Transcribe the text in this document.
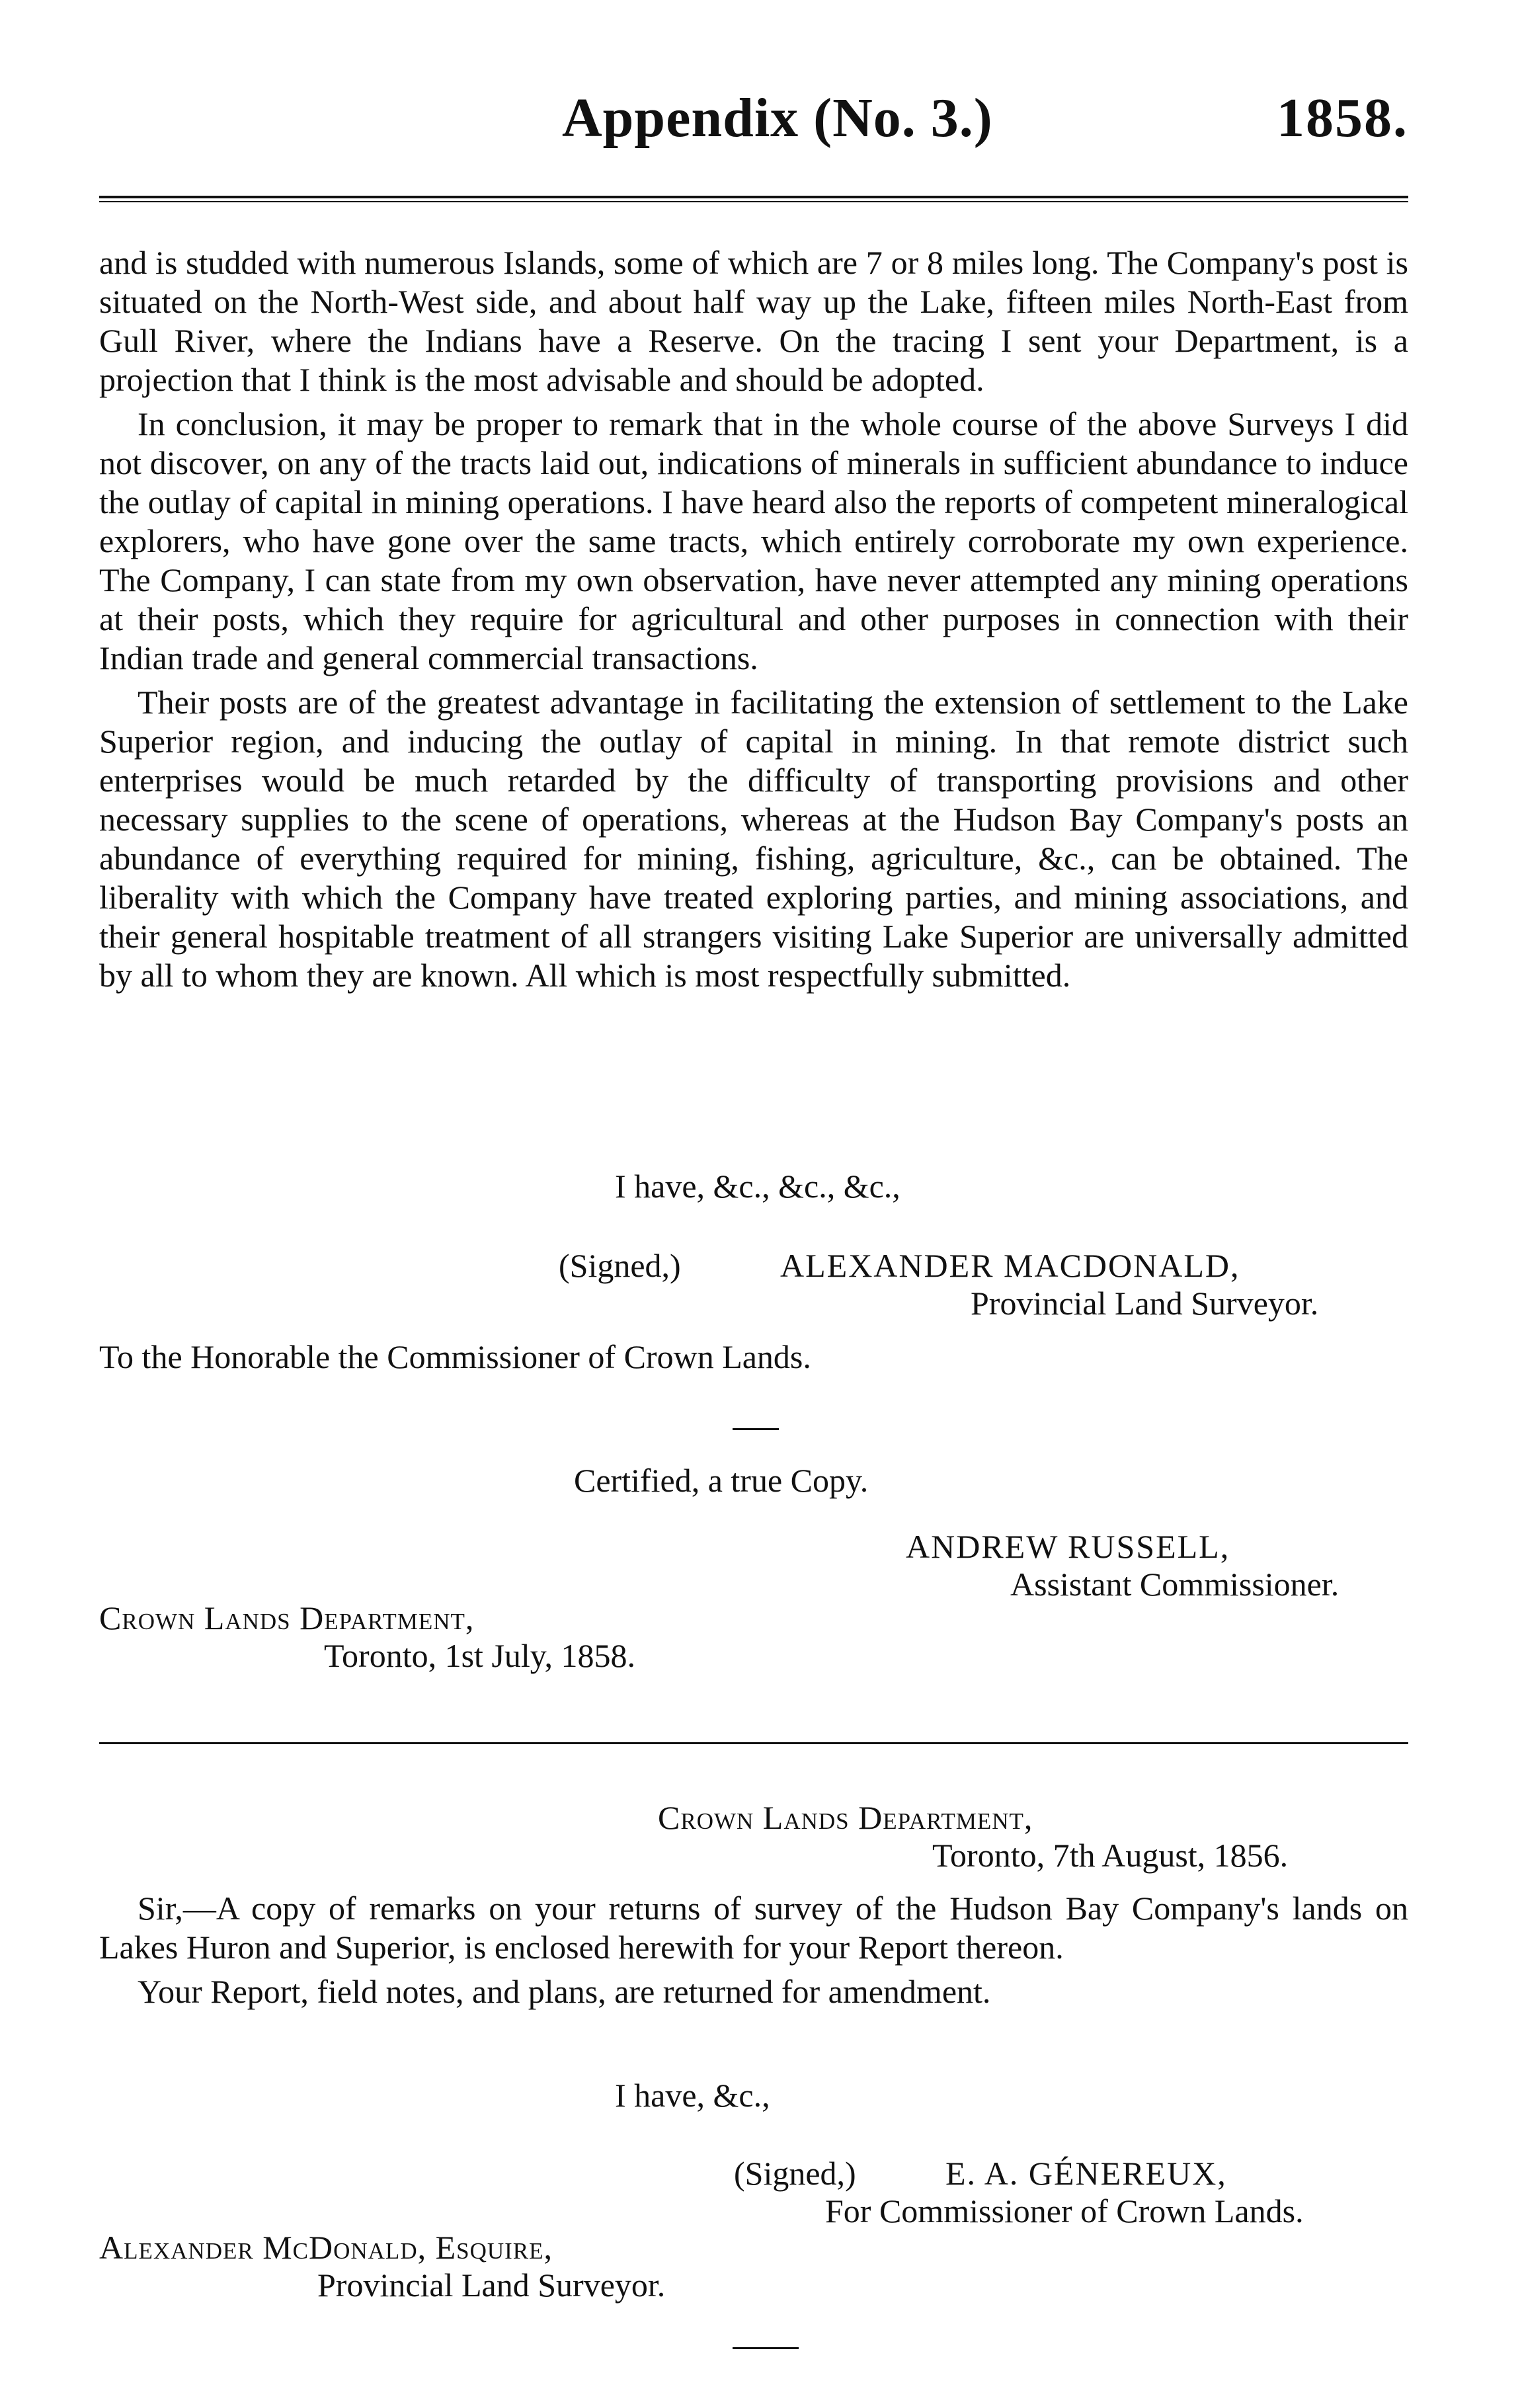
Appendix (No. 3.)	1858.

and is studded with numerous Islands, some of which are 7 or 8 miles long. The Company's post is situated on the North-West side, and about half way up the Lake, fifteen miles North-East from Gull River, where the Indians have a Reserve. On the tracing I sent your Department, is a projection that I think is the most advisable and should be adopted.

In conclusion, it may be proper to remark that in the whole course of the above Surveys I did not discover, on any of the tracts laid out, indications of minerals in sufficient abundance to induce the outlay of capital in mining operations. I have heard also the reports of competent mineralogical explorers, who have gone over the same tracts, which entirely corroborate my own experience. The Company, I can state from my own observation, have never attempted any mining operations at their posts, which they require for agricultural and other purposes in connection with their Indian trade and general commercial transactions.

Their posts are of the greatest advantage in facilitating the extension of settlement to the Lake Superior region, and inducing the outlay of capital in mining. In that remote district such enterprises would be much retarded by the difficulty of transporting provisions and other necessary supplies to the scene of operations, whereas at the Hudson Bay Company's posts an abundance of everything required for mining, fishing, agriculture, &c., can be obtained. The liberality with which the Company have treated exploring parties, and mining associations, and their general hospitable treatment of all strangers visiting Lake Superior are universally admitted by all to whom they are known. All which is most respectfully submitted.

I have, &c., &c., &c.,
(Signed,)	ALEXANDER MACDONALD,
Provincial Land Surveyor.
To the Honorable the Commissioner of Crown Lands.
Certified, a true Copy.
ANDREW RUSSELL,
Assistant Commissioner.
Crown Lands Department,
Toronto, 1st July, 1858.
Crown Lands Department,
Toronto, 7th August, 1856.

Sir,—A copy of remarks on your returns of survey of the Hudson Bay Company's lands on Lakes Huron and Superior, is enclosed herewith for your Report thereon.

Your Report, field notes, and plans, are returned for amendment.

I have, &c.,
(Signed,)	E. A. GÉNEREUX,
For Commissioner of Crown Lands.
Alexander McDonald, Esquire,
Provincial Land Surveyor.
